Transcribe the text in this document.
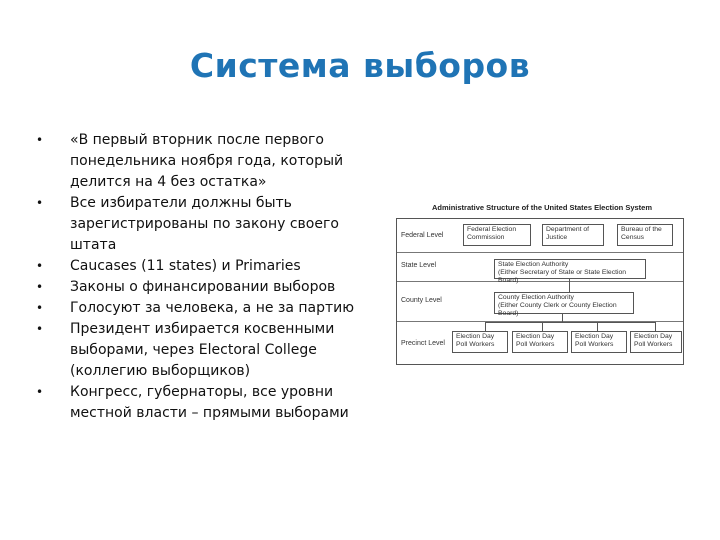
Система выборов
• «В первый вторник после первого понедельника ноября года, который делится на 4 без остатка»
• Все избиратели должны быть зарегистрированы по закону своего штата
• Caucases (11 states) и Primaries
• Законы о финансировании выборов
• Голосуют за человека, а не за партию
• Президент избирается косвенными выборами, через Electoral College (коллегию выборщиков)
• Конгресс, губернаторы, все уровни местной власти – прямыми выборами
Administrative Structure of the United States Election System
Federal Level
State Level
County Level
Precinct Level
Federal Election Commission
Department of Justice
Bureau of the Census
State Election Authority
(Either Secretary of State or State Election Board)
County Election Authority
(Either County Clerk or County Election Board)
Election Day Poll Workers
Election Day Poll Workers
Election Day Poll Workers
Election Day Poll Workers
